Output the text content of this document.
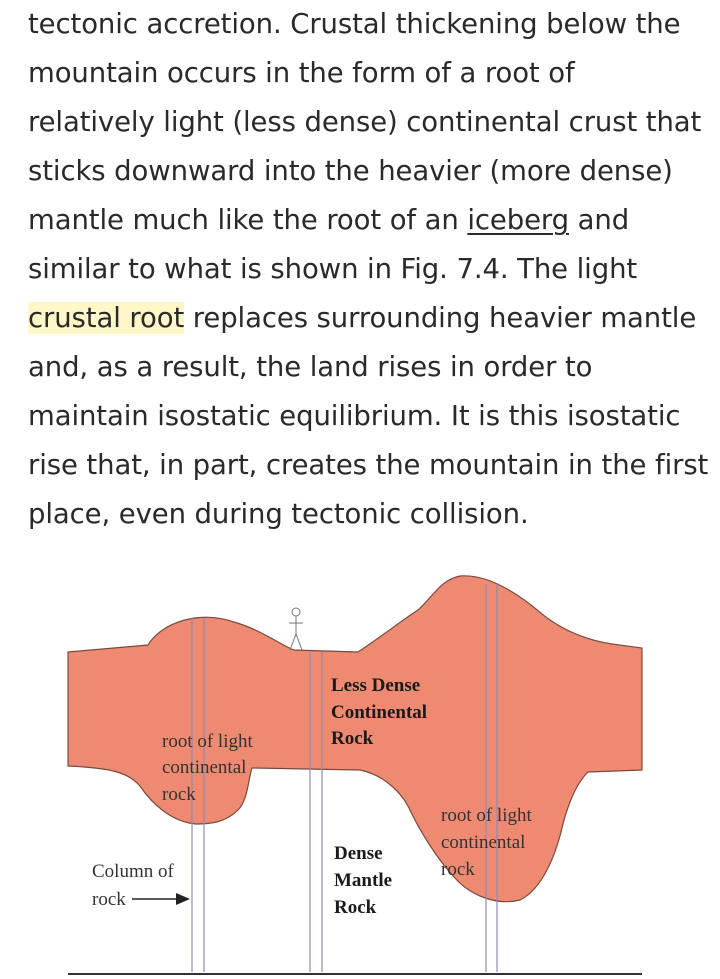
tectonic accretion. Crustal thickening below the
mountain occurs in the form of a root of
relatively light (less dense) continental crust that
sticks downward into the heavier (more dense)
mantle much like the root of an iceberg and
similar to what is shown in Fig. 7.4. The light
crustal root replaces surrounding heavier mantle
and, as a result, the land rises in order to
maintain isostatic equilibrium. It is this isostatic
rise that, in part, creates the mountain in the first
place, even during tectonic collision.
Less Dense
Continental
Rock
root of light
continental
rock
root of light
continental
rock
Column of
rock
Dense
Mantle
Rock
